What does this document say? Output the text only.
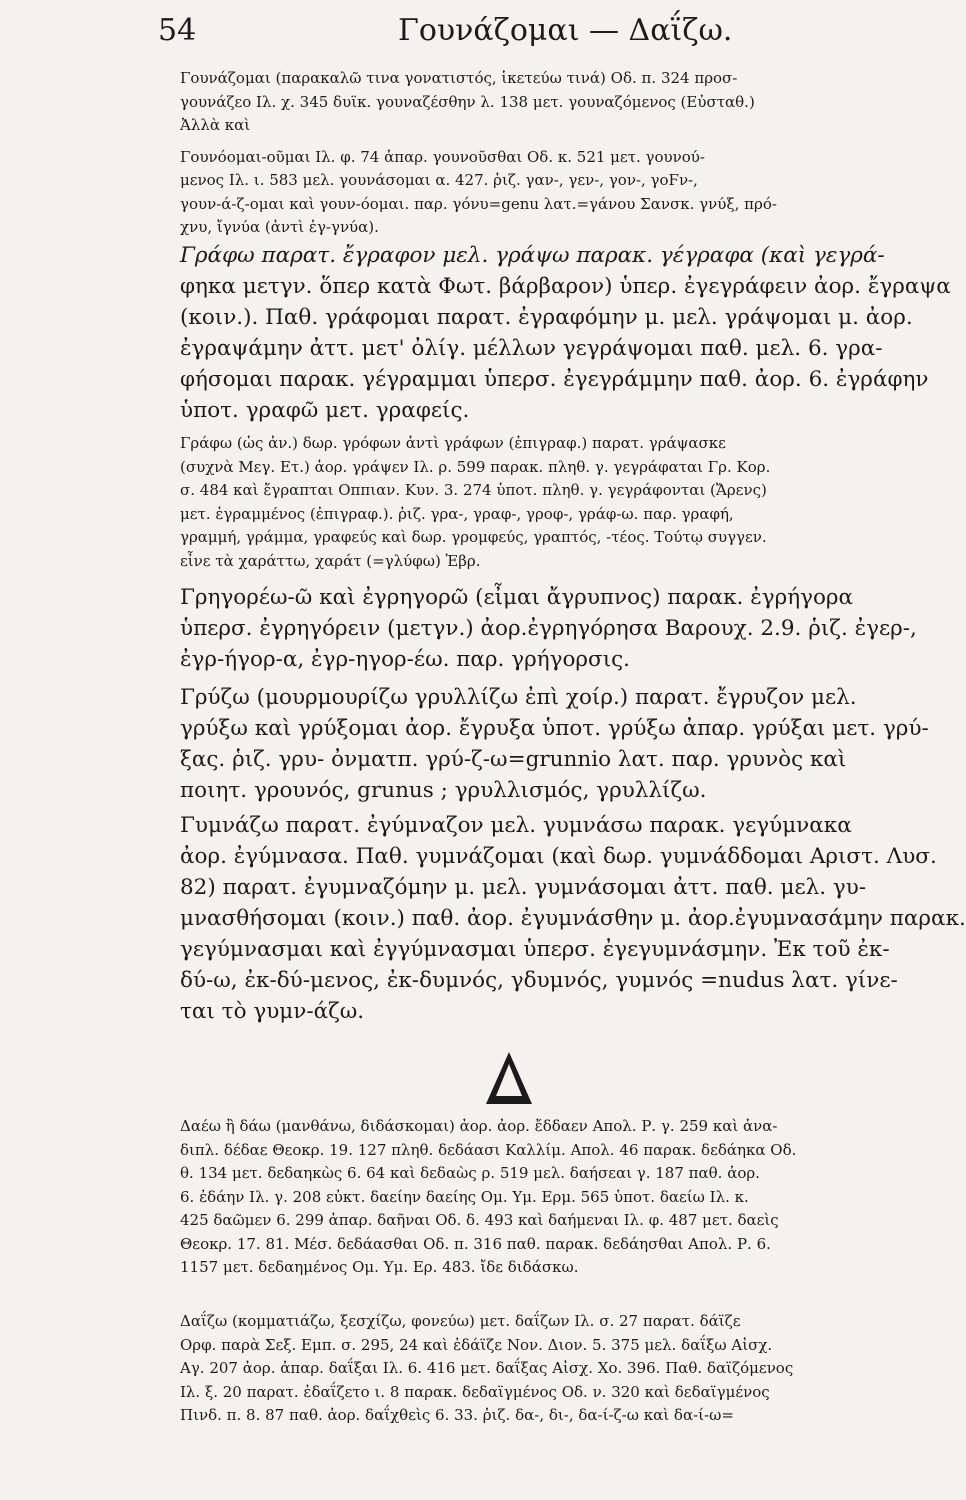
54	Γουνάζομαι — Δαΐζω.
Γουνάζομαι (παρακαλῶ τινα γονατιστός, ἱκετεύω τινά) Οδ. π. 324 προσ-
γουνάζεο Ιλ. χ. 345 δυϊκ. γουναζέσθην λ. 138 μετ. γουναζόμενος (Εὐσταθ.)
Ἀλλὰ καὶ
Γουνόομαι-οῦμαι Ιλ. φ. 74 ἀπαρ. γουνοῦσθαι Οδ. κ. 521 μετ. γουνού-
μενος Ιλ. ι. 583 μελ. γουνάσομαι α. 427. ῥιζ. γαν-, γεν-, γον-, γοϜν-,
γουν-ά-ζ-ομαι καὶ γουν-όομαι. παρ. γόνυ=genu λατ.=γάνου Σανσκ. γνύξ, πρό-
χνυ, ἴγνύα (ἀντὶ ἐγ-γνύα).
Γράφω παρατ. ἔγραφον μελ. γράψω παρακ. γέγραφα (καὶ γεγρά-
φηκα μετγν. ὅπερ κατὰ Φωτ. βάρβαρον) ὑπερ. ἐγεγράφειν ἀορ. ἔγραψα
(κοιν.). Παθ. γράφομαι παρατ. ἐγραφόμην μ. μελ. γράψομαι μ. ἀορ.
ἐγραψάμην ἀττ. μετ' ὀλίγ. μέλλων γεγράψομαι παθ. μελ. 6. γρα-
φήσομαι παρακ. γέγραμμαι ὑπερσ. ἐγεγράμμην παθ. ἀορ. 6. ἐγράφην
ὑποτ. γραφῶ μετ. γραφείς.
Γράφω (ὡς ἀν.) δωρ. γρόφων ἀντὶ γράφων (ἐπιγραφ.) παρατ. γράψασκε
(συχνὰ Μεγ. Ετ.) ἀορ. γράψεν Ιλ. ρ. 599 παρακ. πληθ. γ. γεγράφαται Γρ. Κορ.
σ. 484 καὶ ἔγραπται Οππιαν. Κυν. 3. 274 ὑποτ. πληθ. γ. γεγράφονται (Ἄρενς)
μετ. ἐγραμμένος (ἐπιγραφ.). ῥιζ. γρα-, γραφ-, γροφ-, γράφ-ω. παρ. γραφή,
γραμμή, γράμμα, γραφεύς καὶ δωρ. γρομφεύς, γραπτός, -τέος. Τούτῳ συγγεν.
εἶνε τὰ χαράττω, χαράτ (=γλύφω) Ἑβρ.
Γρηγορέω-ῶ καὶ ἐγρηγορῶ (εἶμαι ἄγρυπνος) παρακ. ἐγρήγορα
ὑπερσ. ἐγρηγόρειν (μετγν.) ἀορ.ἐγρηγόρησα Βαρουχ. 2.9. ῥιζ. ἐγερ-,
ἐγρ-ήγορ-α, ἐγρ-ηγορ-έω. παρ. γρήγορσις.
Γρύζω (μουρμουρίζω γρυλλίζω ἐπὶ χοίρ.) παρατ. ἔγρυζον μελ.
γρύξω καὶ γρύξομαι ἀορ. ἔγρυξα ὑποτ. γρύξω ἀπαρ. γρύξαι μετ. γρύ-
ξας. ῥιζ. γρυ- ὀνματπ. γρύ-ζ-ω=grunnio λατ. παρ. γρυνὸς καὶ
ποιητ. γρουνός, grunus ; γρυλλισμός, γρυλλίζω.
Γυμνάζω παρατ. ἐγύμναζον μελ. γυμνάσω παρακ. γεγύμνακα
ἀορ. ἐγύμνασα. Παθ. γυμνάζομαι (καὶ δωρ. γυμνάδδομαι Αριστ. Λυσ.
82) παρατ. ἐγυμναζόμην μ. μελ. γυμνάσομαι ἀττ. παθ. μελ. γυ-
μνασθήσομαι (κοιν.) παθ. ἀορ. ἐγυμνάσθην μ. ἀορ.ἐγυμνασάμην παρακ.
γεγύμνασμαι καὶ ἐγγύμνασμαι ὑπερσ. ἐγεγυμνάσμην. Ἐκ τοῦ ἐκ-
δύ-ω, ἐκ-δύ-μενος, ἐκ-δυμνός, γδυμνός, γυμνός =nudus λατ. γίνε-
ται τὸ γυμν-άζω.
Δαέω ἢ δάω (μανθάνω, διδάσκομαι) ἀορ. ἀορ. ἔδδαεν Απολ. Ρ. γ. 259 καὶ ἀνα-
διπλ. δέδαε Θεοκρ. 19. 127 πληθ. δεδάασι Καλλίμ. Απολ. 46 παρακ. δεδάηκα Οδ.
θ. 134 μετ. δεδαηκὼς 6. 64 καὶ δεδαὼς ρ. 519 μελ. δαήσεαι γ. 187 παθ. ἀορ.
6. ἐδάην Ιλ. γ. 208 εὐκτ. δαείην δαείης Ομ. Υμ. Ερμ. 565 ὑποτ. δαείω Ιλ. κ.
425 δαῶμεν 6. 299 ἀπαρ. δαῆναι Οδ. δ. 493 καὶ δαήμεναι Ιλ. φ. 487 μετ. δαεὶς
Θεοκρ. 17. 81. Μέσ. δεδάασθαι Οδ. π. 316 παθ. παρακ. δεδάησθαι Απολ. Ρ. 6.
1157 μετ. δεδαημένος Ομ. Υμ. Ερ. 483. ἴδε διδάσκω.
Δαΐζω (κομματιάζω, ξεσχίζω, φονεύω) μετ. δαΐζων Ιλ. σ. 27 παρατ. δάϊζε
Ορφ. παρὰ Σεξ. Εμπ. σ. 295, 24 καὶ ἐδάϊζε Νον. Διον. 5. 375 μελ. δαΐξω Αἰσχ.
Αγ. 207 ἀορ. ἀπαρ. δαΐξαι Ιλ. 6. 416 μετ. δαΐξας Αἰσχ. Χο. 396. Παθ. δαϊζόμενος
Ιλ. ξ. 20 παρατ. ἐδαΐζετο ι. 8 παρακ. δεδαϊγμένος Οδ. ν. 320 καὶ δεδαϊγμένος
Πινδ. π. 8. 87 παθ. ἀορ. δαΐχθεὶς 6. 33. ῥιζ. δα-, δι-, δα-ί-ζ-ω καὶ δα-ί-ω=
